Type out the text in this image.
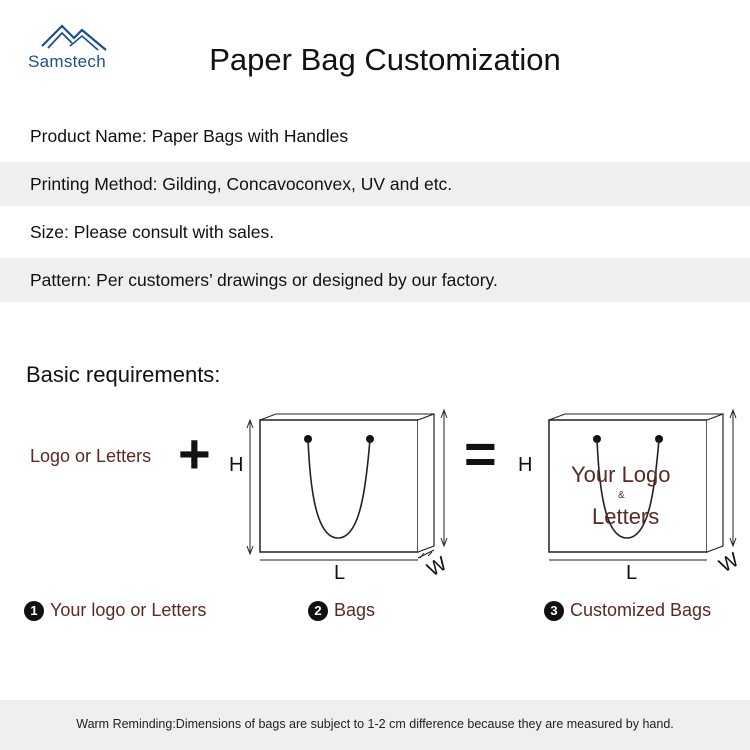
Samstech	Paper Bag Customization
Product Name: Paper Bags with Handles
Printing Method: Gilding, Concavoconvex, UV and etc.
Size: Please consult with sales.
Pattern: Per customers’ drawings or designed by our factory.
Basic requirements:
Logo or Letters + H
L	W
= H
L	W
Your Logo
&
Letters
1 Your logo or Letters	2 Bags	3 Customized Bags
Warm Reminding:Dimensions of bags are subject to 1-2 cm difference because they are measured by hand.
